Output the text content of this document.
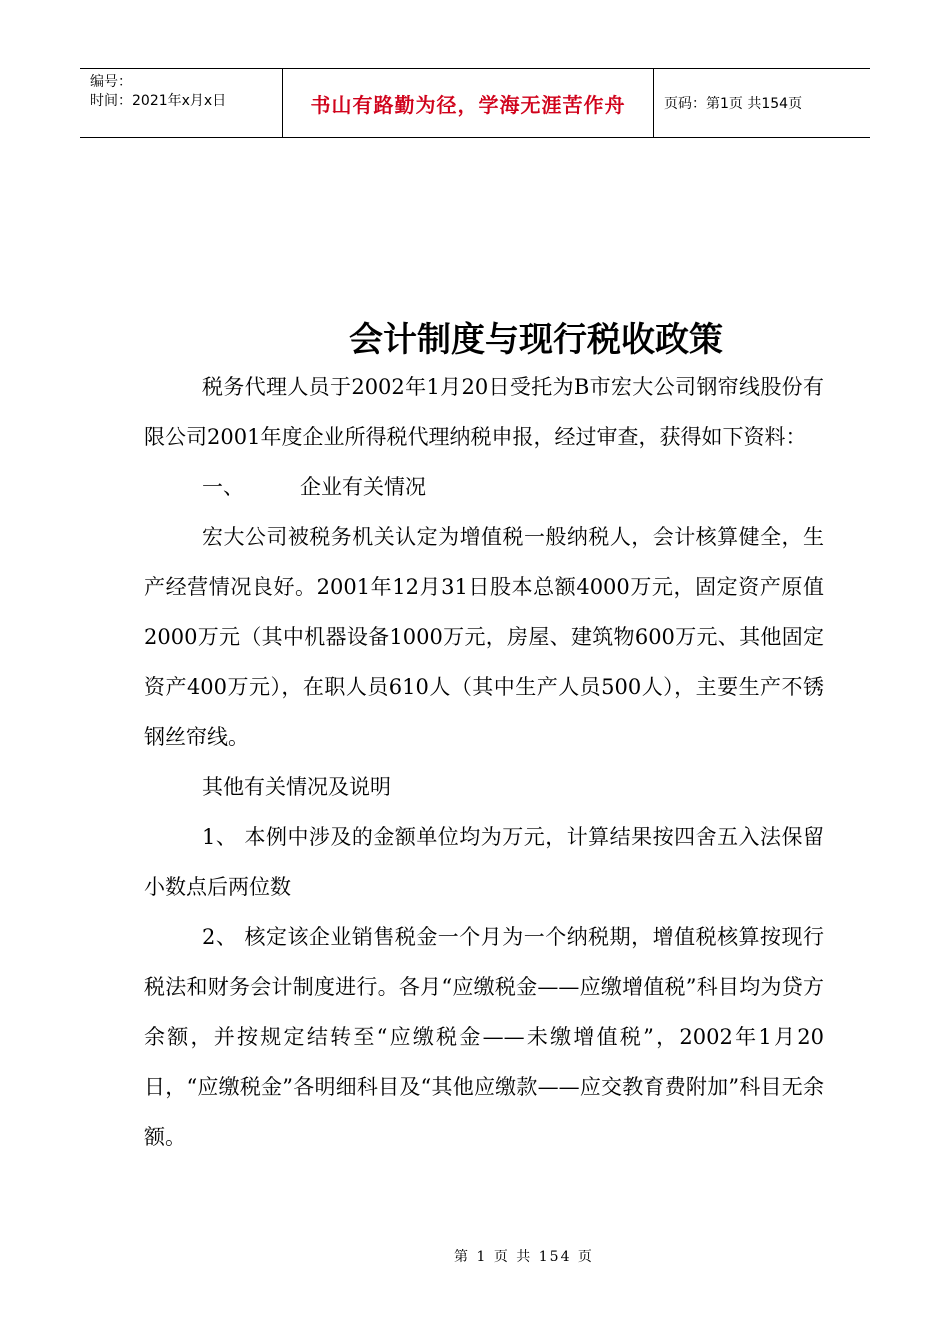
编号：
时间：2021年x月x日	书山有路勤为径，学海无涯苦作舟	页码：第1页 共154页
会计制度与现行税收政策

税务代理人员于2002年1月20日受托为B市宏大公司钢帘线股份有限公司2001年度企业所得税代理纳税申报，经过审查，获得如下资料：

一、	企业有关情况

宏大公司被税务机关认定为增值税一般纳税人，会计核算健全，生产经营情况良好。2001年12月31日股本总额4000万元，固定资产原值2000万元（其中机器设备1000万元，房屋、建筑物600万元、其他固定资产400万元），在职人员610人（其中生产人员500人），主要生产不锈钢丝帘线。

其他有关情况及说明

1、 本例中涉及的金额单位均为万元，计算结果按四舍五入法保留小数点后两位数

2、 核定该企业销售税金一个月为一个纳税期，增值税核算按现行税法和财务会计制度进行。各月“应缴税金——应缴增值税”科目均为贷方余额，并按规定结转至“应缴税金——未缴增值税”，2002年1月20日，“应缴税金”各明细科目及“其他应缴款——应交教育费附加”科目无余额。

第 1 页 共 154 页
